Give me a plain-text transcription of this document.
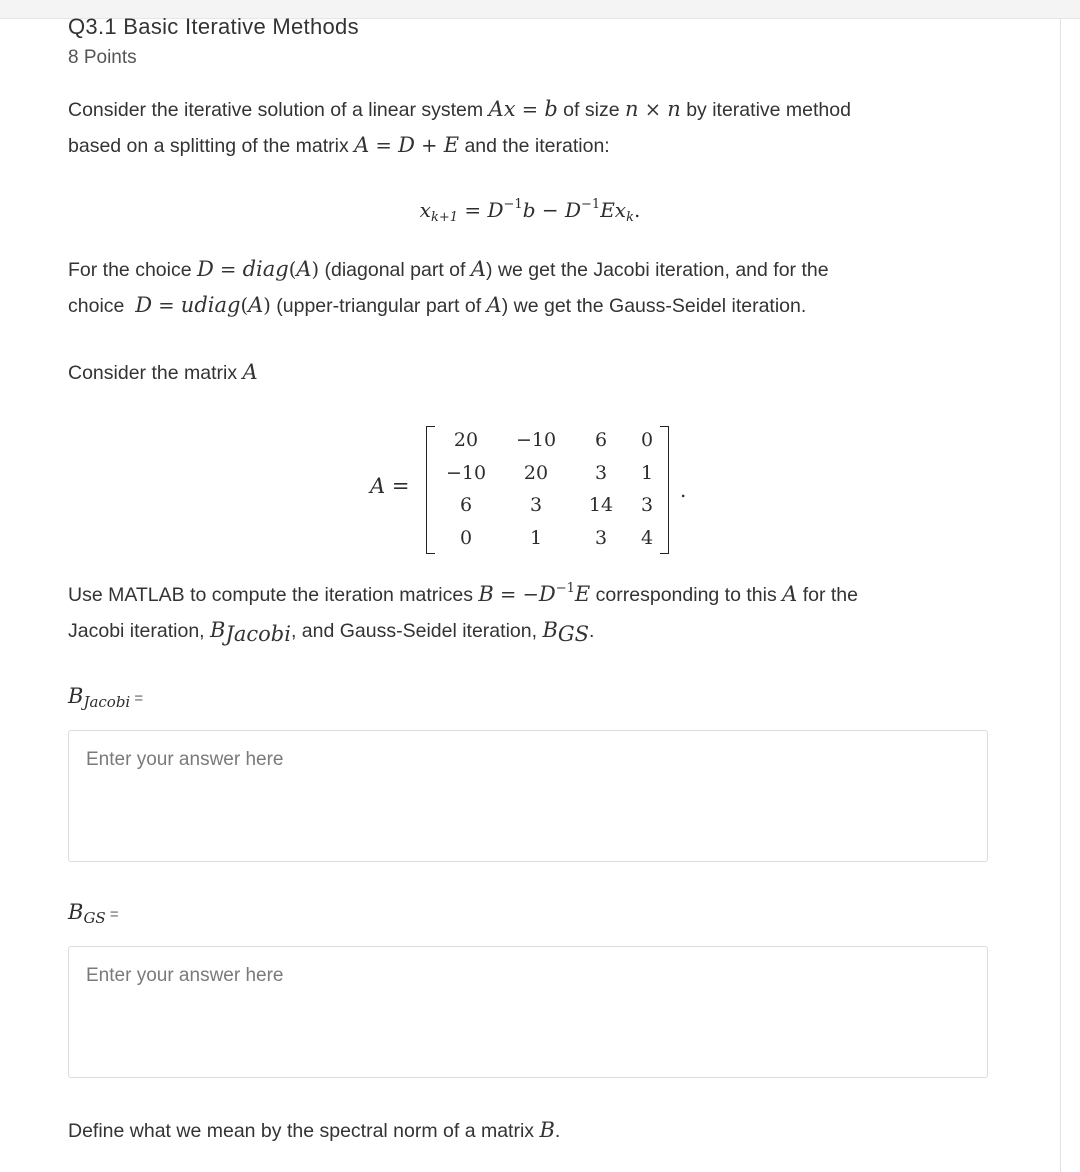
Q3.1 Basic Iterative Methods
8 Points
Consider the iterative solution of a linear system Ax = b of size n × n by iterative method
based on a splitting of the matrix A = D + E and the iteration:
$x_{k+1} = D^{-1}b - D^{-1}Ex_k$.
For the choice D = diag(A) (diagonal part of A) we get the Jacobi iteration, and for the
choice  D = udiag(A) (upper-triangular part of A) we get the Gauss-Seidel iteration.
Consider the matrix A
A =
20	−10	6	0
−10	20	3	1
6	3	14	3
0	1	3	4
.
Use MATLAB to compute the iteration matrices $B = -D^{-1}E$ corresponding to this A for the
Jacobi iteration, $B_{Jacobi}$, and Gauss-Seidel iteration, $B_{GS}$.
$B_{Jacobi}$ =
Enter your answer here
$B_{GS}$ =
Enter your answer here
Define what we mean by the spectral norm of a matrix B.
